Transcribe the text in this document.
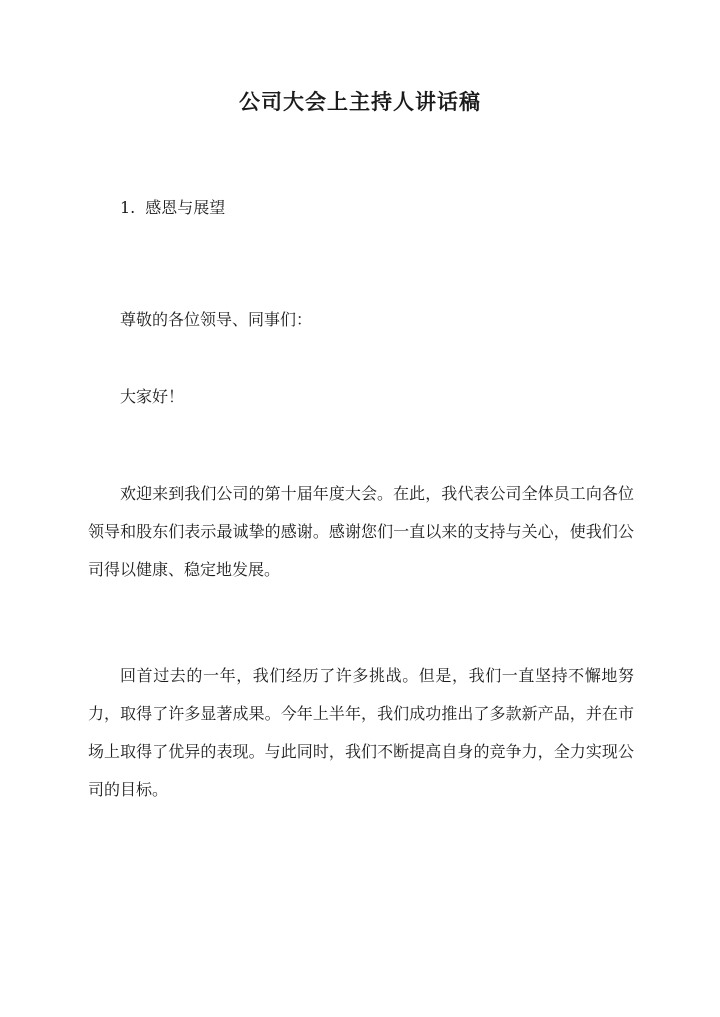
公司大会上主持人讲话稿
1. 感恩与展望

尊敬的各位领导、同事们：

大家好！

欢迎来到我们公司的第十届年度大会。在此，我代表公司全体员工向各位领导和股东们表示最诚挚的感谢。感谢您们一直以来的支持与关心，使我们公司得以健康、稳定地发展。

回首过去的一年，我们经历了许多挑战。但是，我们一直坚持不懈地努力，取得了许多显著成果。今年上半年，我们成功推出了多款新产品，并在市场上取得了优异的表现。与此同时，我们不断提高自身的竞争力，全力实现公司的目标。
